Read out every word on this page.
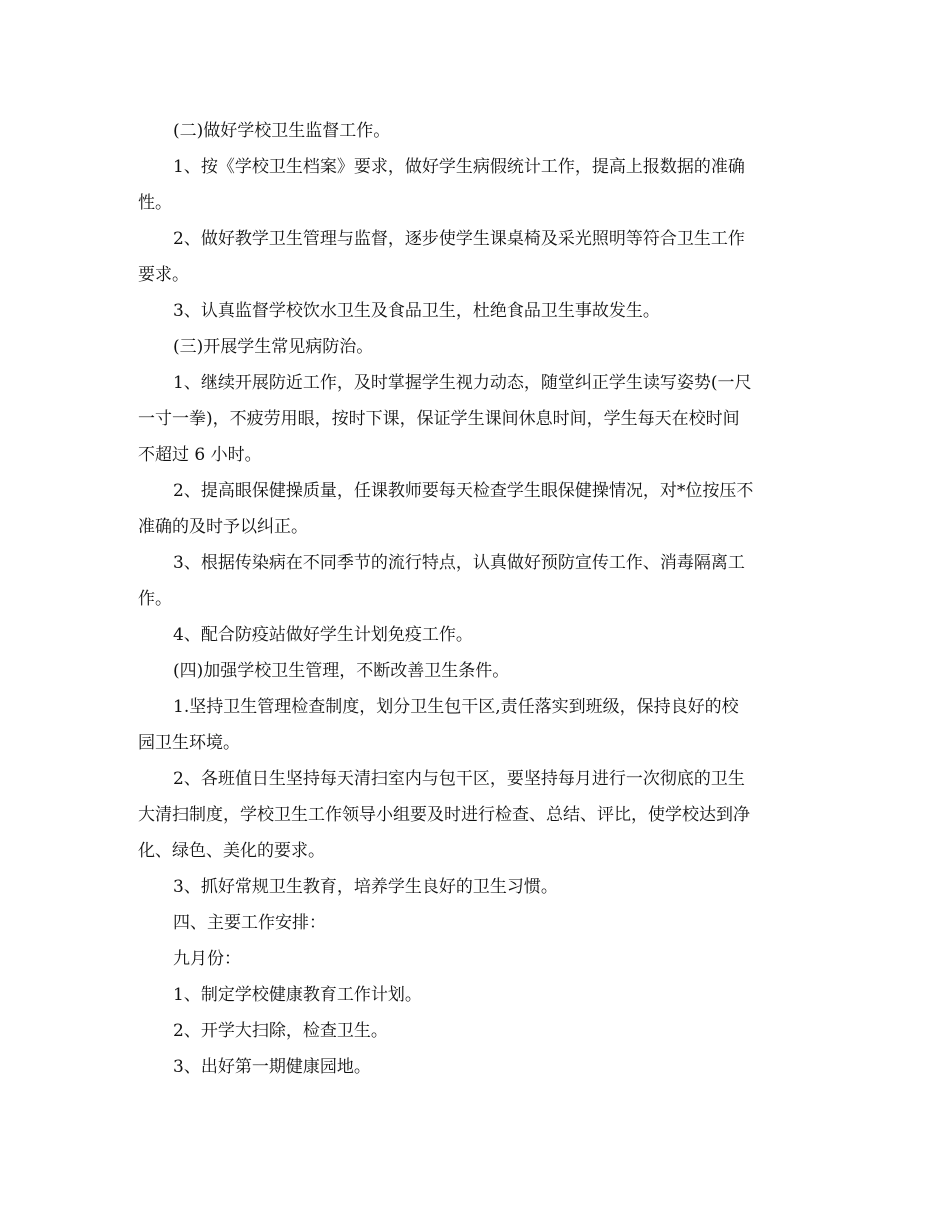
(二)做好学校卫生监督工作。
1、按《学校卫生档案》要求，做好学生病假统计工作，提高上报数据的准确
性。
2、做好教学卫生管理与监督，逐步使学生课桌椅及采光照明等符合卫生工作
要求。
3、认真监督学校饮水卫生及食品卫生，杜绝食品卫生事故发生。
(三)开展学生常见病防治。
1、继续开展防近工作，及时掌握学生视力动态，随堂纠正学生读写姿势(一尺
一寸一拳)，不疲劳用眼，按时下课，保证学生课间休息时间，学生每天在校时间
不超过 6 小时。
2、提高眼保健操质量，任课教师要每天检查学生眼保健操情况，对*位按压不
准确的及时予以纠正。
3、根据传染病在不同季节的流行特点，认真做好预防宣传工作、消毒隔离工
作。
4、配合防疫站做好学生计划免疫工作。
(四)加强学校卫生管理，不断改善卫生条件。
1.坚持卫生管理检查制度，划分卫生包干区,责任落实到班级，保持良好的校
园卫生环境。
2、各班值日生坚持每天清扫室内与包干区，要坚持每月进行一次彻底的卫生
大清扫制度，学校卫生工作领导小组要及时进行检查、总结、评比，使学校达到净
化、绿色、美化的要求。
3、抓好常规卫生教育，培养学生良好的卫生习惯。
四、主要工作安排：
九月份：
1、制定学校健康教育工作计划。
2、开学大扫除，检查卫生。
3、出好第一期健康园地。
